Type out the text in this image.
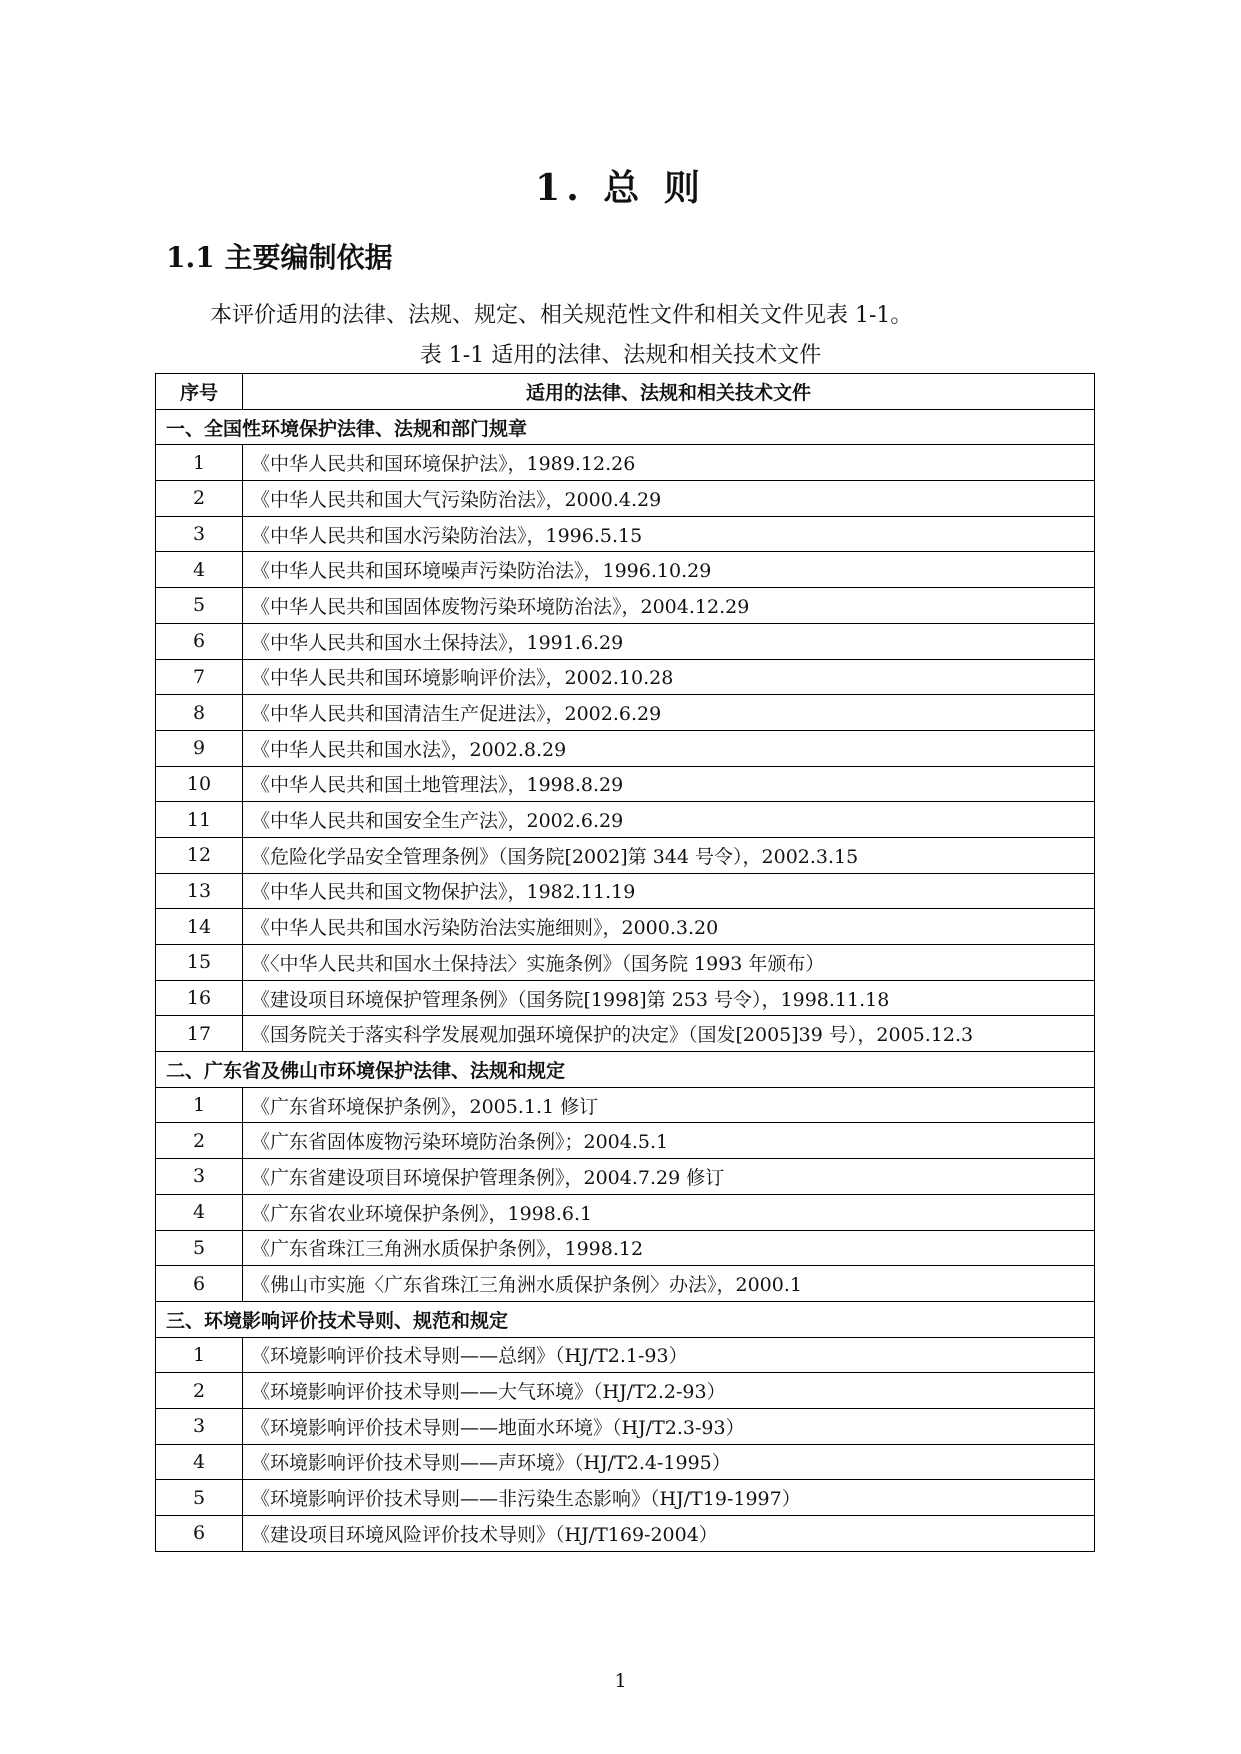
1. 总 则
1.1 主要编制依据
本评价适用的法律、法规、规定、相关规范性文件和相关文件见表 1-1。
表 1-1 适用的法律、法规和相关技术文件
序号	适用的法律、法规和相关技术文件
一、全国性环境保护法律、法规和部门规章	
1	《中华人民共和国环境保护法》，1989.12.26
2	《中华人民共和国大气污染防治法》，2000.4.29
3	《中华人民共和国水污染防治法》，1996.5.15
4	《中华人民共和国环境噪声污染防治法》，1996.10.29
5	《中华人民共和国固体废物污染环境防治法》，2004.12.29
6	《中华人民共和国水土保持法》，1991.6.29
7	《中华人民共和国环境影响评价法》，2002.10.28
8	《中华人民共和国清洁生产促进法》，2002.6.29
9	《中华人民共和国水法》，2002.8.29
10	《中华人民共和国土地管理法》，1998.8.29
11	《中华人民共和国安全生产法》，2002.6.29
12	《危险化学品安全管理条例》（国务院[2002]第 344 号令），2002.3.15
13	《中华人民共和国文物保护法》，1982.11.19
14	《中华人民共和国水污染防治法实施细则》，2000.3.20
15	《〈中华人民共和国水土保持法〉实施条例》（国务院 1993 年颁布）
16	《建设项目环境保护管理条例》（国务院[1998]第 253 号令），1998.11.18
17	《国务院关于落实科学发展观加强环境保护的决定》（国发[2005]39 号），2005.12.3
二、广东省及佛山市环境保护法律、法规和规定	
1	《广东省环境保护条例》，2005.1.1 修订
2	《广东省固体废物污染环境防治条例》；2004.5.1
3	《广东省建设项目环境保护管理条例》，2004.7.29 修订
4	《广东省农业环境保护条例》，1998.6.1
5	《广东省珠江三角洲水质保护条例》，1998.12
6	《佛山市实施〈广东省珠江三角洲水质保护条例〉办法》，2000.1
三、环境影响评价技术导则、规范和规定	
1	《环境影响评价技术导则——总纲》（HJ/T2.1-93）
2	《环境影响评价技术导则——大气环境》（HJ/T2.2-93）
3	《环境影响评价技术导则——地面水环境》（HJ/T2.3-93）
4	《环境影响评价技术导则——声环境》（HJ/T2.4-1995）
5	《环境影响评价技术导则——非污染生态影响》（HJ/T19-1997）
6	《建设项目环境风险评价技术导则》（HJ/T169-2004）
1
